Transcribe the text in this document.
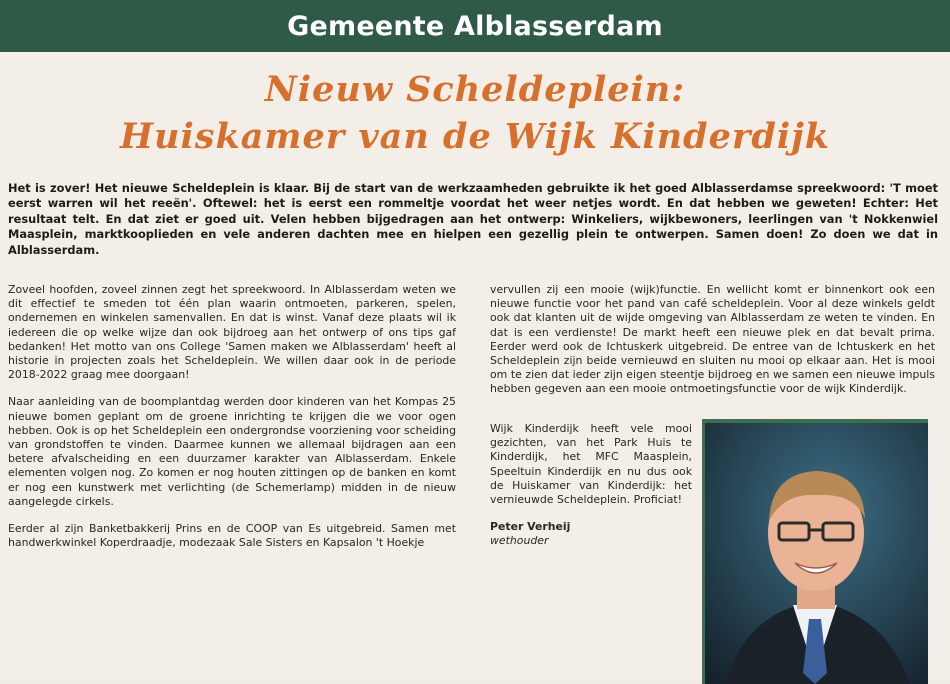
Gemeente Alblasserdam
Nieuw Scheldeplein:
Huiskamer van de Wijk Kinderdijk
Het is zover! Het nieuwe Scheldeplein is klaar. Bij de start van de werkzaamheden gebruikte ik het goed Alblasserdamse spreekwoord: 'T moet eerst warren wil het reeën'. Oftewel: het is eerst een rommeltje voordat het weer netjes wordt. En dat hebben we geweten! Echter: Het resultaat telt. En dat ziet er goed uit. Velen hebben bijgedragen aan het ontwerp: Winkeliers, wijkbewoners, leerlingen van 't Nokkenwiel Maasplein, marktkooplieden en vele anderen dachten mee en hielpen een gezellig plein te ontwerpen. Samen doen! Zo doen we dat in Alblasserdam.

Zoveel hoofden, zoveel zinnen zegt het spreekwoord. In Alblasserdam weten we dit effectief te smeden tot één plan waarin ontmoeten, parkeren, spelen, ondernemen en winkelen samenvallen. En dat is winst. Vanaf deze plaats wil ik iedereen die op welke wijze dan ook bijdroeg aan het ontwerp of ons tips gaf bedanken! Het motto van ons College 'Samen maken we Alblasserdam' heeft al historie in projecten zoals het Scheldeplein. We willen daar ook in de periode 2018-2022 graag mee doorgaan!

Naar aanleiding van de boomplantdag werden door kinderen van het Kompas 25 nieuwe bomen geplant om de groene inrichting te krijgen die we voor ogen hebben. Ook is op het Scheldeplein een ondergrondse voorziening voor scheiding van grondstoffen te vinden. Daarmee kunnen we allemaal bijdragen aan een betere afvalscheiding en een duurzamer karakter van Alblasserdam. Enkele elementen volgen nog. Zo komen er nog houten zittingen op de banken en komt er nog een kunstwerk met verlichting (de Schemerlamp) midden in de nieuw aangelegde cirkels.

Eerder al zijn Banketbakkerij Prins en de COOP van Es uitgebreid. Samen met handwerkwinkel Koperdraadje, modezaak Sale Sisters en Kapsalon 't Hoekje

vervullen zij een mooie (wijk)functie. En wellicht komt er binnenkort ook een nieuwe functie voor het pand van café scheldeplein. Voor al deze winkels geldt ook dat klanten uit de wijde omgeving van Alblasserdam ze weten te vinden. En dat is een verdienste! De markt heeft een nieuwe plek en dat bevalt prima. Eerder werd ook de Ichtuskerk uitgebreid. De entree van de Ichtuskerk en het Scheldeplein zijn beide vernieuwd en sluiten nu mooi op elkaar aan. Het is mooi om te zien dat ieder zijn eigen steentje bijdroeg en we samen een nieuwe impuls hebben gegeven aan een mooie ontmoetingsfunctie voor de wijk Kinderdijk.

Wijk Kinderdijk heeft vele mooi gezichten, van het Park Huis te Kinderdijk, het MFC Maasplein, Speeltuin Kinderdijk en nu dus ook de Huiskamer van Kinderdijk: het vernieuwde Scheldeplein. Proficiat!

Peter Verheij
wethouder
